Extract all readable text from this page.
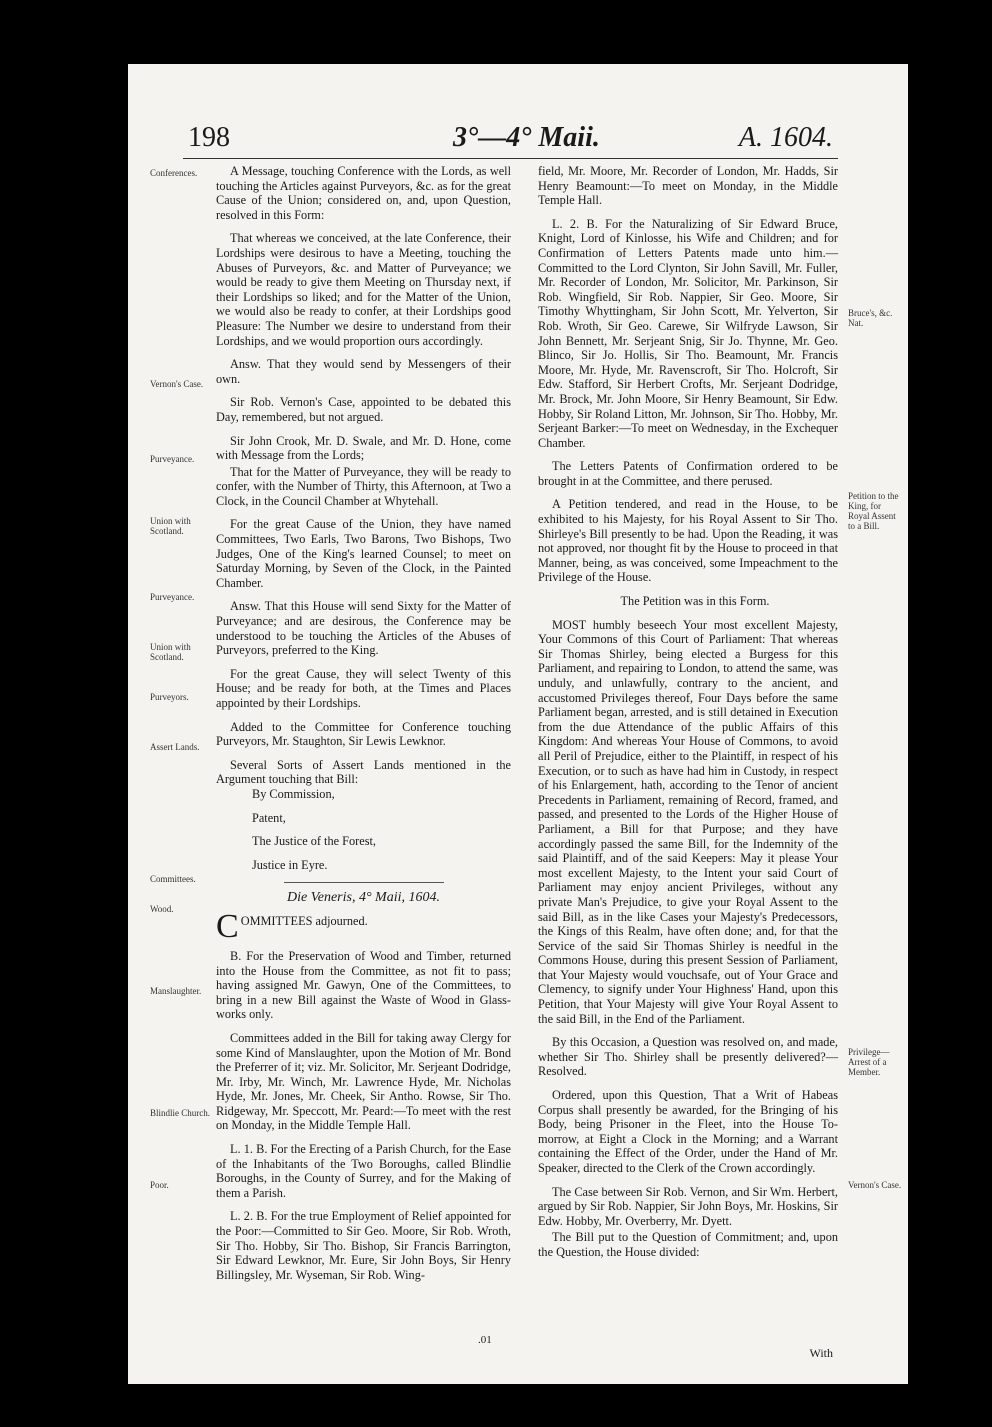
198	3°—4° Maii.	A. 1604.
Conferences.
Vernon's Case.
Purveyance.
Union with Scotland.
Purveyance.
Union with Scotland.
Purveyors.
Assert Lands.
Committees.
Wood.
Manslaughter.
Blindlie Church.
Poor.
Bruce's, &c. Nat.
Petition to the King, for Royal Assent to a Bill.
Privilege—Arrest of a Member.
Vernon's Case.

A Message, touching Conference with the Lords, as well touching the Articles against Purveyors, &c. as for the great Cause of the Union; considered on, and, upon Question, resolved in this Form:

That whereas we conceived, at the late Conference, their Lordships were desirous to have a Meeting, touching the Abuses of Purveyors, &c. and Matter of Purveyance; we would be ready to give them Meeting on Thursday next, if their Lordships so liked; and for the Matter of the Union, we would also be ready to confer, at their Lordships good Pleasure: The Number we desire to understand from their Lordships, and we would proportion ours accordingly.

Answ. That they would send by Messengers of their own.

Sir Rob. Vernon's Case, appointed to be debated this Day, remembered, but not argued.

Sir John Crook, Mr. D. Swale, and Mr. D. Hone, come with Message from the Lords;

That for the Matter of Purveyance, they will be ready to confer, with the Number of Thirty, this Afternoon, at Two a Clock, in the Council Chamber at Whytehall.

For the great Cause of the Union, they have named Committees, Two Earls, Two Barons, Two Bishops, Two Judges, One of the King's learned Counsel; to meet on Saturday Morning, by Seven of the Clock, in the Painted Chamber.

Answ. That this House will send Sixty for the Matter of Purveyance; and are desirous, the Conference may be understood to be touching the Articles of the Abuses of Purveyors, preferred to the King.

For the great Cause, they will select Twenty of this House; and be ready for both, at the Times and Places appointed by their Lordships.

Added to the Committee for Conference touching Purveyors, Mr. Staughton, Sir Lewis Lewknor.

Several Sorts of Assert Lands mentioned in the Argument touching that Bill:

By Commission,

Patent,

The Justice of the Forest,

Justice in Eyre.

Die Veneris, 4° Maii, 1604.

COMMITTEES adjourned.

B. For the Preservation of Wood and Timber, returned into the House from the Committee, as not fit to pass; having assigned Mr. Gawyn, One of the Committees, to bring in a new Bill against the Waste of Wood in Glass-works only.

Committees added in the Bill for taking away Clergy for some Kind of Manslaughter, upon the Motion of Mr. Bond the Preferrer of it; viz. Mr. Solicitor, Mr. Serjeant Dodridge, Mr. Irby, Mr. Winch, Mr. Lawrence Hyde, Mr. Nicholas Hyde, Mr. Jones, Mr. Cheek, Sir Antho. Rowse, Sir Tho. Ridgeway, Mr. Speccott, Mr. Peard:—To meet with the rest on Monday, in the Middle Temple Hall.

L. 1. B. For the Erecting of a Parish Church, for the Ease of the Inhabitants of the Two Boroughs, called Blindlie Boroughs, in the County of Surrey, and for the Making of them a Parish.

L. 2. B. For the true Employment of Relief appointed for the Poor:—Committed to Sir Geo. Moore, Sir Rob. Wroth, Sir Tho. Hobby, Sir Tho. Bishop, Sir Francis Barrington, Sir Edward Lewknor, Mr. Eure, Sir John Boys, Sir Henry Billingsley, Mr. Wyseman, Sir Rob. Wing-

field, Mr. Moore, Mr. Recorder of London, Mr. Hadds, Sir Henry Beamount:—To meet on Monday, in the Middle Temple Hall.

L. 2. B. For the Naturalizing of Sir Edward Bruce, Knight, Lord of Kinlosse, his Wife and Children; and for Confirmation of Letters Patents made unto him.—Committed to the Lord Clynton, Sir John Savill, Mr. Fuller, Mr. Recorder of London, Mr. Solicitor, Mr. Parkinson, Sir Rob. Wingfield, Sir Rob. Nappier, Sir Geo. Moore, Sir Timothy Whyttingham, Sir John Scott, Mr. Yelverton, Sir Rob. Wroth, Sir Geo. Carewe, Sir Wilfryde Lawson, Sir John Bennett, Mr. Serjeant Snig, Sir Jo. Thynne, Mr. Geo. Blinco, Sir Jo. Hollis, Sir Tho. Beamount, Mr. Francis Moore, Mr. Hyde, Mr. Ravenscroft, Sir Tho. Holcroft, Sir Edw. Stafford, Sir Herbert Crofts, Mr. Serjeant Dodridge, Mr. Brock, Mr. John Moore, Sir Henry Beamount, Sir Edw. Hobby, Sir Roland Litton, Mr. Johnson, Sir Tho. Hobby, Mr. Serjeant Barker:—To meet on Wednesday, in the Exchequer Chamber.

The Letters Patents of Confirmation ordered to be brought in at the Committee, and there perused.

A Petition tendered, and read in the House, to be exhibited to his Majesty, for his Royal Assent to Sir Tho. Shirleye's Bill presently to be had. Upon the Reading, it was not approved, nor thought fit by the House to proceed in that Manner, being, as was conceived, some Impeachment to the Privilege of the House.

The Petition was in this Form.

MOST humbly beseech Your most excellent Majesty, Your Commons of this Court of Parliament: That whereas Sir Thomas Shirley, being elected a Burgess for this Parliament, and repairing to London, to attend the same, was unduly, and unlawfully, contrary to the ancient, and accustomed Privileges thereof, Four Days before the same Parliament began, arrested, and is still detained in Execution from the due Attendance of the public Affairs of this Kingdom: And whereas Your House of Commons, to avoid all Peril of Prejudice, either to the Plaintiff, in respect of his Execution, or to such as have had him in Custody, in respect of his Enlargement, hath, according to the Tenor of ancient Precedents in Parliament, remaining of Record, framed, and passed, and presented to the Lords of the Higher House of Parliament, a Bill for that Purpose; and they have accordingly passed the same Bill, for the Indemnity of the said Plaintiff, and of the said Keepers: May it please Your most excellent Majesty, to the Intent your said Court of Parliament may enjoy ancient Privileges, without any private Man's Prejudice, to give your Royal Assent to the said Bill, as in the like Cases your Majesty's Predecessors, the Kings of this Realm, have often done; and, for that the Service of the said Sir Thomas Shirley is needful in the Commons House, during this present Session of Parliament, that Your Majesty would vouchsafe, out of Your Grace and Clemency, to signify under Your Highness' Hand, upon this Petition, that Your Majesty will give Your Royal Assent to the said Bill, in the End of the Parliament.

By this Occasion, a Question was resolved on, and made, whether Sir Tho. Shirley shall be presently delivered?—Resolved.

Ordered, upon this Question, That a Writ of Habeas Corpus shall presently be awarded, for the Bringing of his Body, being Prisoner in the Fleet, into the House To-morrow, at Eight a Clock in the Morning; and a Warrant containing the Effect of the Order, under the Hand of Mr. Speaker, directed to the Clerk of the Crown accordingly.

The Case between Sir Rob. Vernon, and Sir Wm. Herbert, argued by Sir Rob. Nappier, Sir John Boys, Mr. Hoskins, Sir Edw. Hobby, Mr. Overberry, Mr. Dyett.

The Bill put to the Question of Commitment; and, upon the Question, the House divided:

.01
With
